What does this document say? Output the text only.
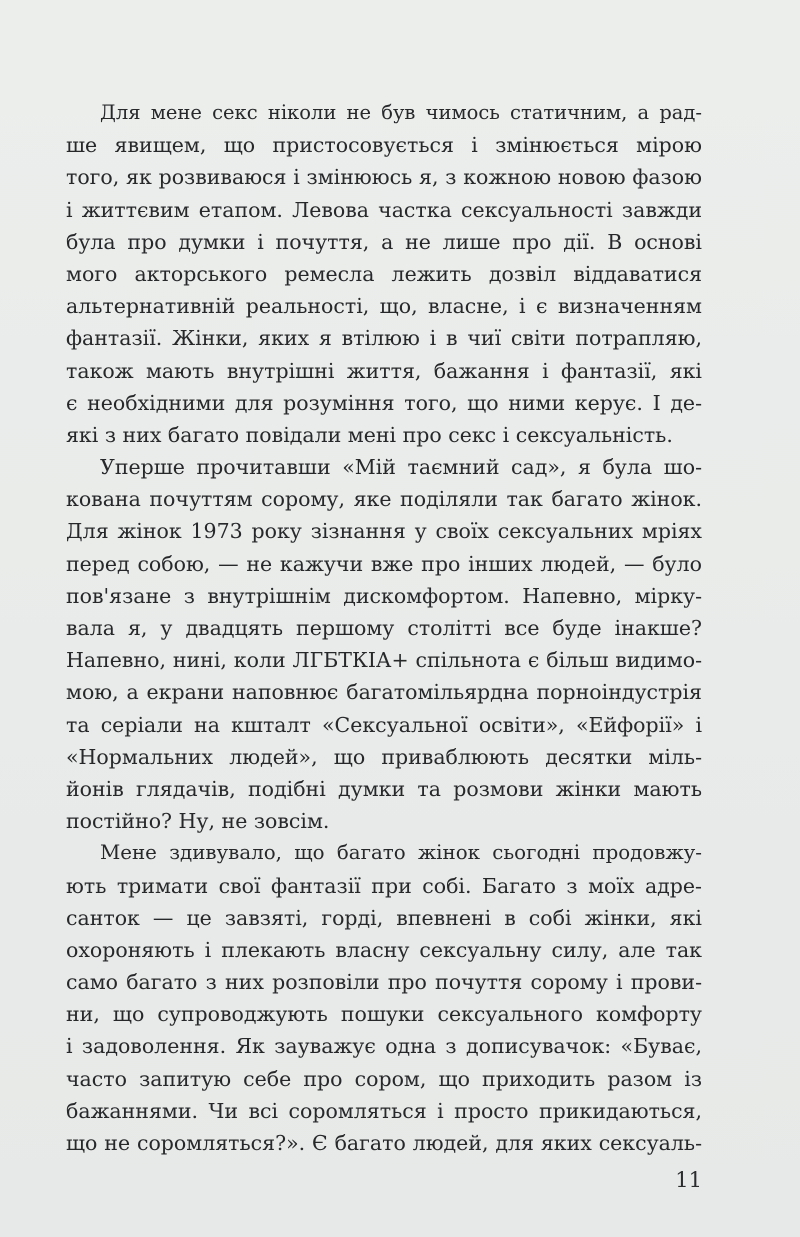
Для мене секс ніколи не був чимось статичним, а рад-
ше явищем, що пристосовується і змінюється мірою
того, як розвиваюся і змінююсь я, з кожною новою фазою
і життєвим етапом. Левова частка сексуальності завжди
була про думки і почуття, а не лише про дії. В основі
мого акторського ремесла лежить дозвіл віддаватися
альтернативній реальності, що, власне, і є визначенням
фантазії. Жінки, яких я втілюю і в чиї світи потрапляю,
також мають внутрішні життя, бажання і фантазії, які
є необхідними для розуміння того, що ними керує. І де-
які з них багато повідали мені про секс і сексуальність.
Уперше прочитавши «Мій таємний сад», я була шо-
кована почуттям сорому, яке поділяли так багато жінок.
Для жінок 1973 року зізнання у своїх сексуальних мріях
перед собою, — не кажучи вже про інших людей, — було
пов'язане з внутрішнім дискомфортом. Напевно, мірку-
вала я, у двадцять першому столітті все буде інакше?
Напевно, нині, коли ЛГБТКІА+ спільнота є більш видимо-
мою, а екрани наповнює багатомільярдна порноіндустрія
та серіали на кшталт «Сексуальної освіти», «Ейфорії» і
«Нормальних людей», що приваблюють десятки міль-
йонів глядачів, подібні думки та розмови жінки мають
постійно? Ну, не зовсім.
Мене здивувало, що багато жінок сьогодні продовжу-
ють тримати свої фантазії при собі. Багато з моїх адре-
санток — це завзяті, горді, впевнені в собі жінки, які
охороняють і плекають власну сексуальну силу, але так
само багато з них розповіли про почуття сорому і прови-
ни, що супроводжують пошуки сексуального комфорту
і задоволення. Як зауважує одна з дописувачок: «Буває,
часто запитую себе про сором, що приходить разом із
бажаннями. Чи всі соромляться і просто прикидаються,
що не соромляться?». Є багато людей, для яких сексуаль-
11
